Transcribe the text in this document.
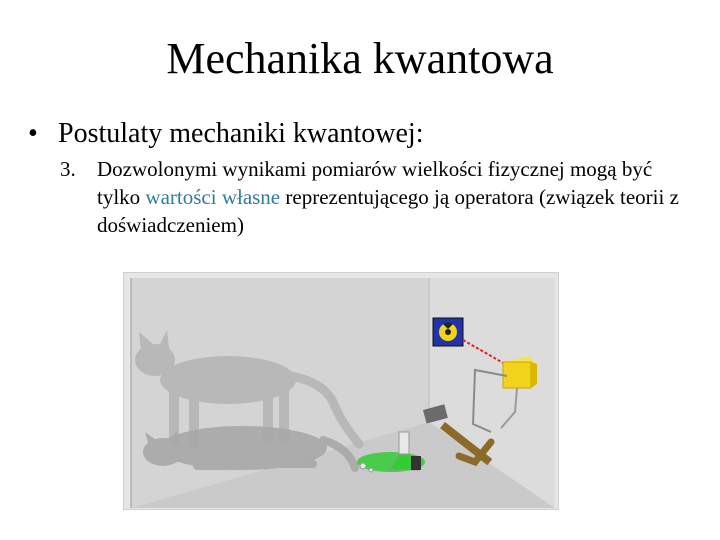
Mechanika kwantowa
• Postulaty mechaniki kwantowej:
3.	Dozwolonymi wynikami pomiarów wielkości fizycznej mogą być tylko wartości własne reprezentującego ją operatora (związek teorii z doświadczeniem)
